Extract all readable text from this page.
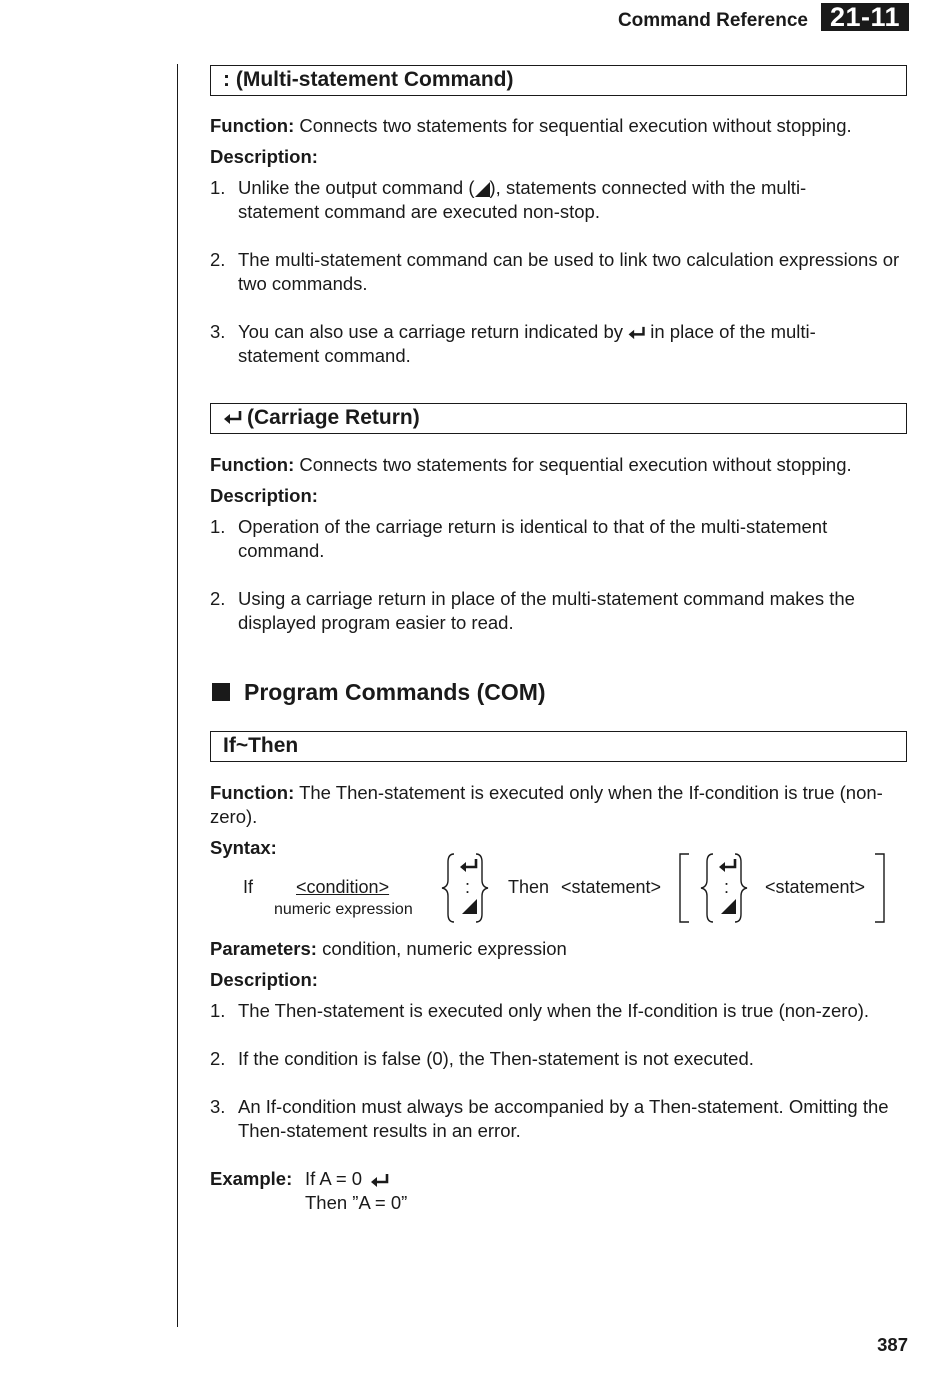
Command Reference 21-11
: (Multi-statement Command)
Function: Connects two statements for sequential execution without stopping.
Description:
1. Unlike the output command ( ), statements connected with the multi-statement command are executed non-stop.
2. The multi-statement command can be used to link two calculation expressions or two commands.
3. You can also use a carriage return indicated by  in place of the multi-statement command.
(Carriage Return)
Function: Connects two statements for sequential execution without stopping.
Description:
1. Operation of the carriage return is identical to that of the multi-statement command.
2. Using a carriage return in place of the multi-statement command makes the displayed program easier to read.
Program Commands (COM)
If~Then
Function: The Then-statement is executed only when the If-condition is true (non-zero).
Syntax:
If <condition>
numeric expression
: Then <statement>	: <statement>
Parameters: condition, numeric expression
Description:
1. The Then-statement is executed only when the If-condition is true (non-zero).
2. If the condition is false (0), the Then-statement is not executed.
3. An If-condition must always be accompanied by a Then-statement. Omitting the Then-statement results in an error.
Example: If A = 0
Then ”A = 0”
387
